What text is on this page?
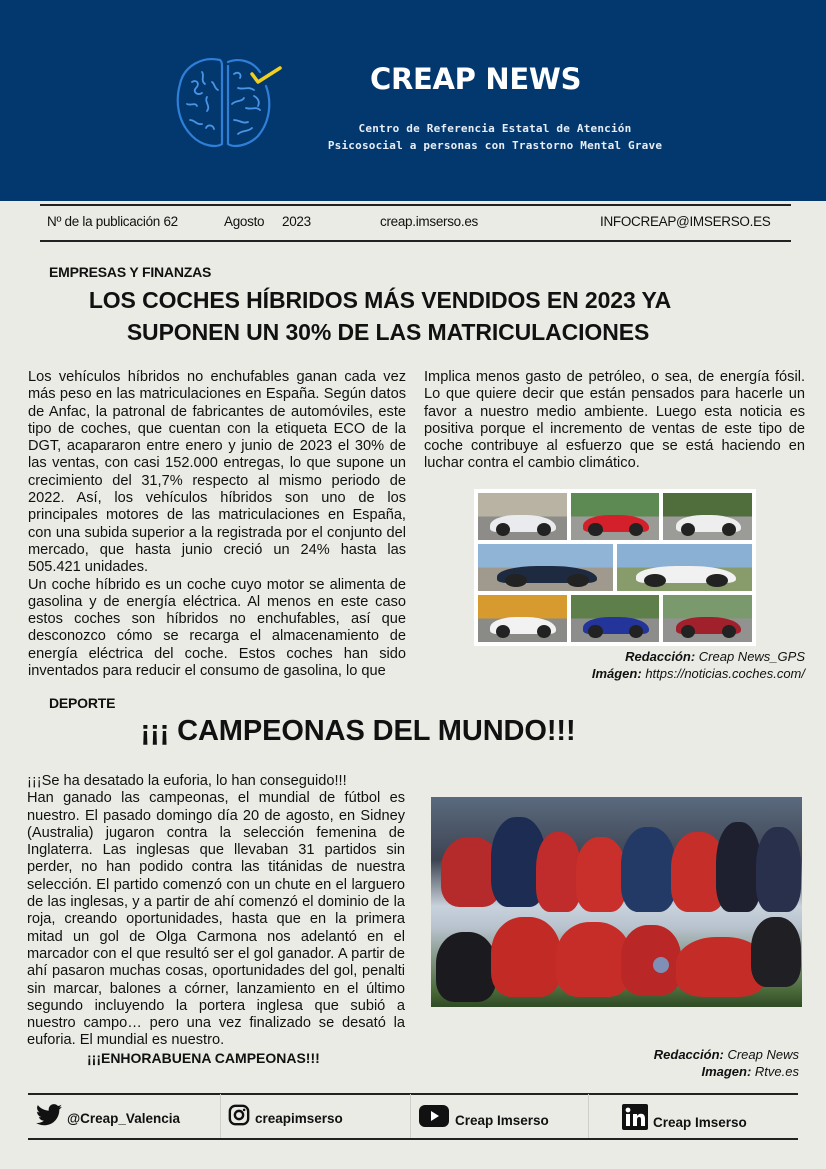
CREAP NEWS
Centro de Referencia Estatal de Atención
Psicosocial a personas con Trastorno Mental Grave
Nº de la publicación 62	Agosto 2023	creap.imserso.es	INFOCREAP@IMSERSO.ES
EMPRESAS Y FINANZAS
LOS COCHES HÍBRIDOS MÁS VENDIDOS EN 2023 YA
SUPONEN UN 30% DE LAS MATRICULACIONES

Los vehículos híbridos no enchufables ganan cada vez más peso en las matriculaciones en España. Según datos de Anfac, la patronal de fabricantes de automóviles, este tipo de coches, que cuentan con la etiqueta ECO de la DGT, acapararon entre enero y junio de 2023 el 30% de las ventas, con casi 152.000 entregas, lo que supone un crecimiento del 31,7% respecto al mismo periodo de 2022. Así, los vehículos híbridos son uno de los principales motores de las matriculaciones en España, con una subida superior a la registrada por el conjunto del mercado, que hasta junio creció un 24% hasta las 505.421 unidades.

Un coche híbrido es un coche cuyo motor se alimenta de gasolina y de energía eléctrica. Al menos en este caso estos coches son híbridos no enchufables, así que desconozco cómo se recarga el almacenamiento de energía eléctrica del coche. Estos coches han sido inventados para reducir el consumo de gasolina, lo que

Implica menos gasto de petróleo, o sea, de energía fósil. Lo que quiere decir que están pensados para hacerle un favor a nuestro medio ambiente. Luego esta noticia es positiva porque el incremento de ventas de este tipo de coche contribuye al esfuerzo que se está haciendo en luchar contra el cambio climático.

Redacción: Creap News_GPS
Imágen: https://noticias.coches.com/
DEPORTE
¡¡¡ CAMPEONAS DEL MUNDO!!!

¡¡¡Se ha desatado la euforia, lo han conseguido!!!

Han ganado las campeonas, el mundial de fútbol es nuestro. El pasado domingo día 20 de agosto, en Sidney (Australia) jugaron contra la selección femenina de Inglaterra. Las inglesas que llevaban 31 partidos sin perder, no han podido contra las titánidas de nuestra selección. El partido comenzó con un chute en el larguero de las inglesas, y a partir de ahí comenzó el dominio de la roja, creando oportunidades, hasta que en la primera mitad un gol de Olga Carmona nos adelantó en el marcador con el que resultó ser el gol ganador. A partir de ahí pasaron muchas cosas, oportunidades del gol, penalti sin marcar, balones a córner, lanzamiento en el último segundo incluyendo la portera inglesa que subió a nuestro campo… pero una vez finalizado se desató la euforia. El mundial es nuestro.

¡¡¡ENHORABUENA CAMPEONAS!!!	Redacción: Creap News
Imagen: Rtve.es
@Creap_Valencia	creapimserso	Creap Imserso	Creap Imserso
